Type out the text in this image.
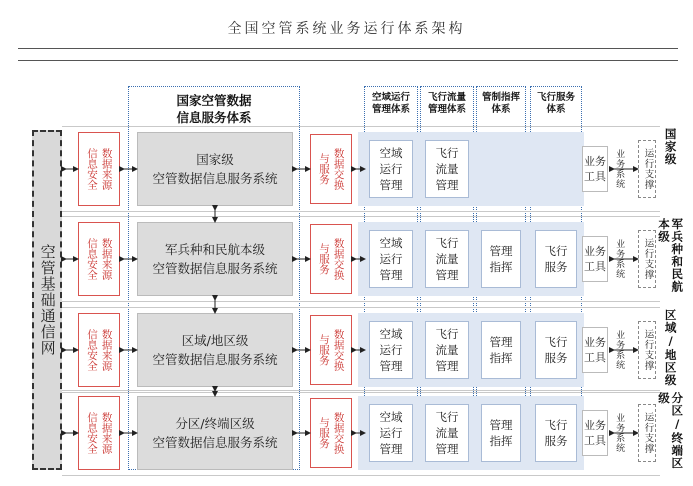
全国空管系统业务运行体系架构
空管基础通信网
国家空管数据
信息服务体系
空域运行
管理体系
飞行流量
管理体系
管制指挥
体系
飞行服务
体系
信息安全 数据来源	国家级
空管数据信息服务系统	与服务 数据交换	空域
运行
管理
飞行
流量
管理
业务
工具 业务系统 运行支撑
国家级
信息安全 数据来源	军兵种和民航本级
空管数据信息服务系统	与服务 数据交换	空域
运行
管理
飞行
流量
管理
管理
指挥
飞行
服务
业务
工具 业务系统 运行支撑	军兵种和民航本级
信息安全 数据来源	区域/地区级
空管数据信息服务系统	与服务 数据交换	空域
运行
管理
飞行
流量
管理
管理
指挥
飞行
服务
业务
工具 业务系统 运行支撑 区域/地区级
信息安全 数据来源	分区/终端区级
空管数据信息服务系统	与服务 数据交换	空域
运行
管理
飞行
流量
管理
管理
指挥
飞行
服务
业务
工具 业务系统 运行支撑	分区/终端区级
